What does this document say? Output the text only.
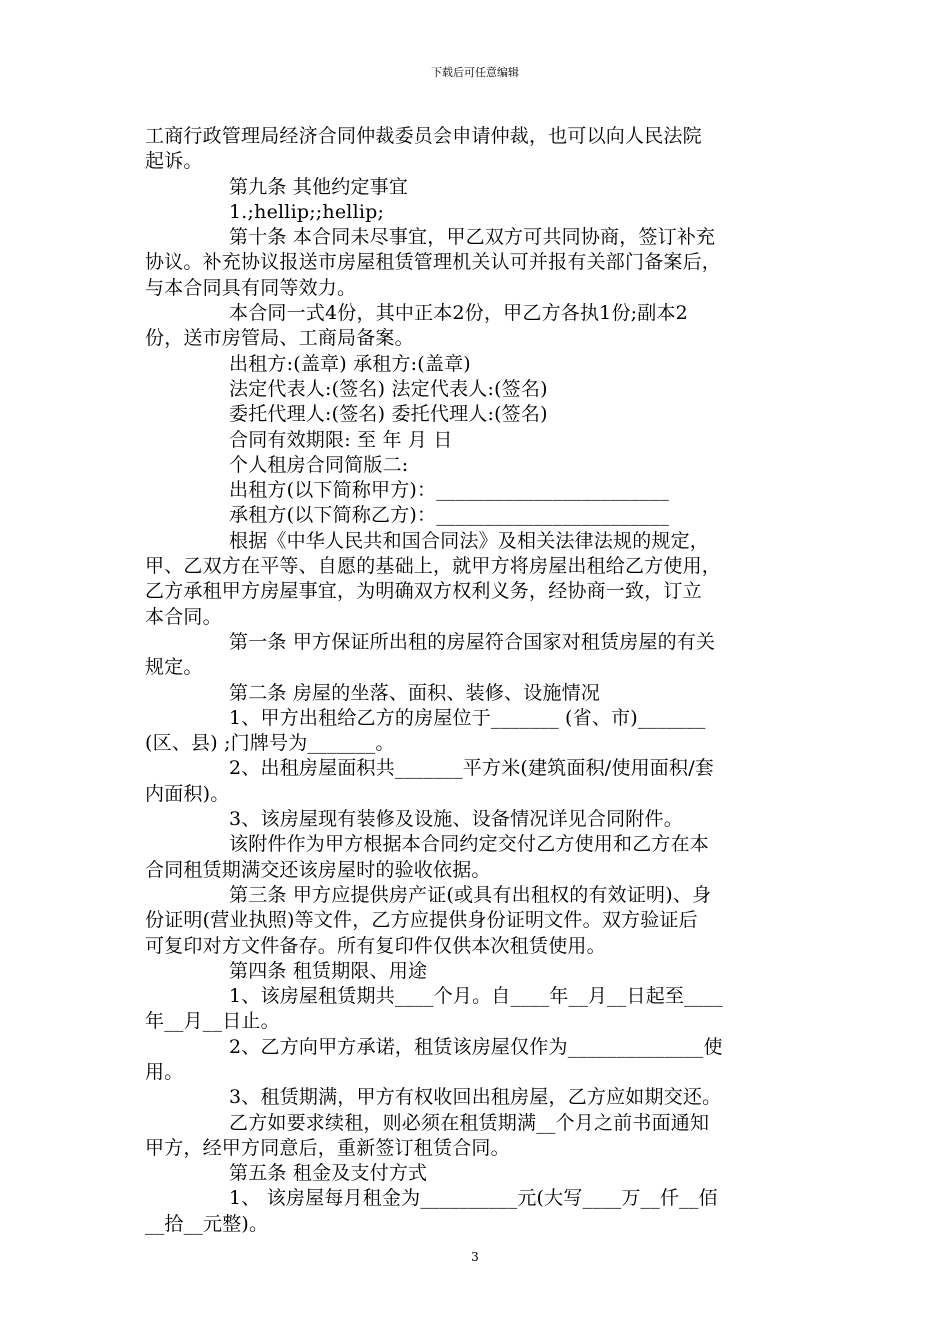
下载后可任意编辑
工商行政管理局经济合同仲裁委员会申请仲裁，也可以向人民法院
起诉。
第九条 其他约定事宜
1.;hellip;;hellip;
第十条 本合同未尽事宜，甲乙双方可共同协商，签订补充
协议。补充协议报送市房屋租赁管理机关认可并报有关部门备案后，
与本合同具有同等效力。
本合同一式4份，其中正本2份，甲乙方各执1份;副本2
份，送市房管局、工商局备案。
出租方:(盖章) 承租方:(盖章)
法定代表人:(签名) 法定代表人:(签名)
委托代理人:(签名) 委托代理人:(签名)
合同有效期限: 至 年 月 日
个人租房合同简版二:
出租方(以下简称甲方)：________________________
承租方(以下简称乙方)：________________________
根据《中华人民共和国合同法》及相关法律法规的规定，
甲、乙双方在平等、自愿的基础上，就甲方将房屋出租给乙方使用，
乙方承租甲方房屋事宜，为明确双方权利义务，经协商一致，订立
本合同。
第一条 甲方保证所出租的房屋符合国家对租赁房屋的有关
规定。
第二条 房屋的坐落、面积、装修、设施情况
1、甲方出租给乙方的房屋位于_______ (省、市)_______
(区、县) ;门牌号为_______。
2、出租房屋面积共_______平方米(建筑面积/使用面积/套
内面积)。
3、该房屋现有装修及设施、设备情况详见合同附件。
该附件作为甲方根据本合同约定交付乙方使用和乙方在本
合同租赁期满交还该房屋时的验收依据。
第三条 甲方应提供房产证(或具有出租权的有效证明)、身
份证明(营业执照)等文件，乙方应提供身份证明文件。双方验证后
可复印对方文件备存。所有复印件仅供本次租赁使用。
第四条 租赁期限、用途
1、该房屋租赁期共____个月。自____年__月__日起至____
年__月__日止。
2、乙方向甲方承诺，租赁该房屋仅作为______________使
用。
3、租赁期满，甲方有权收回出租房屋，乙方应如期交还。
乙方如要求续租，则必须在租赁期满__个月之前书面通知
甲方，经甲方同意后，重新签订租赁合同。
第五条 租金及支付方式
1、 该房屋每月租金为__________元(大写____万__仟__佰
__拾__元整)。
3
